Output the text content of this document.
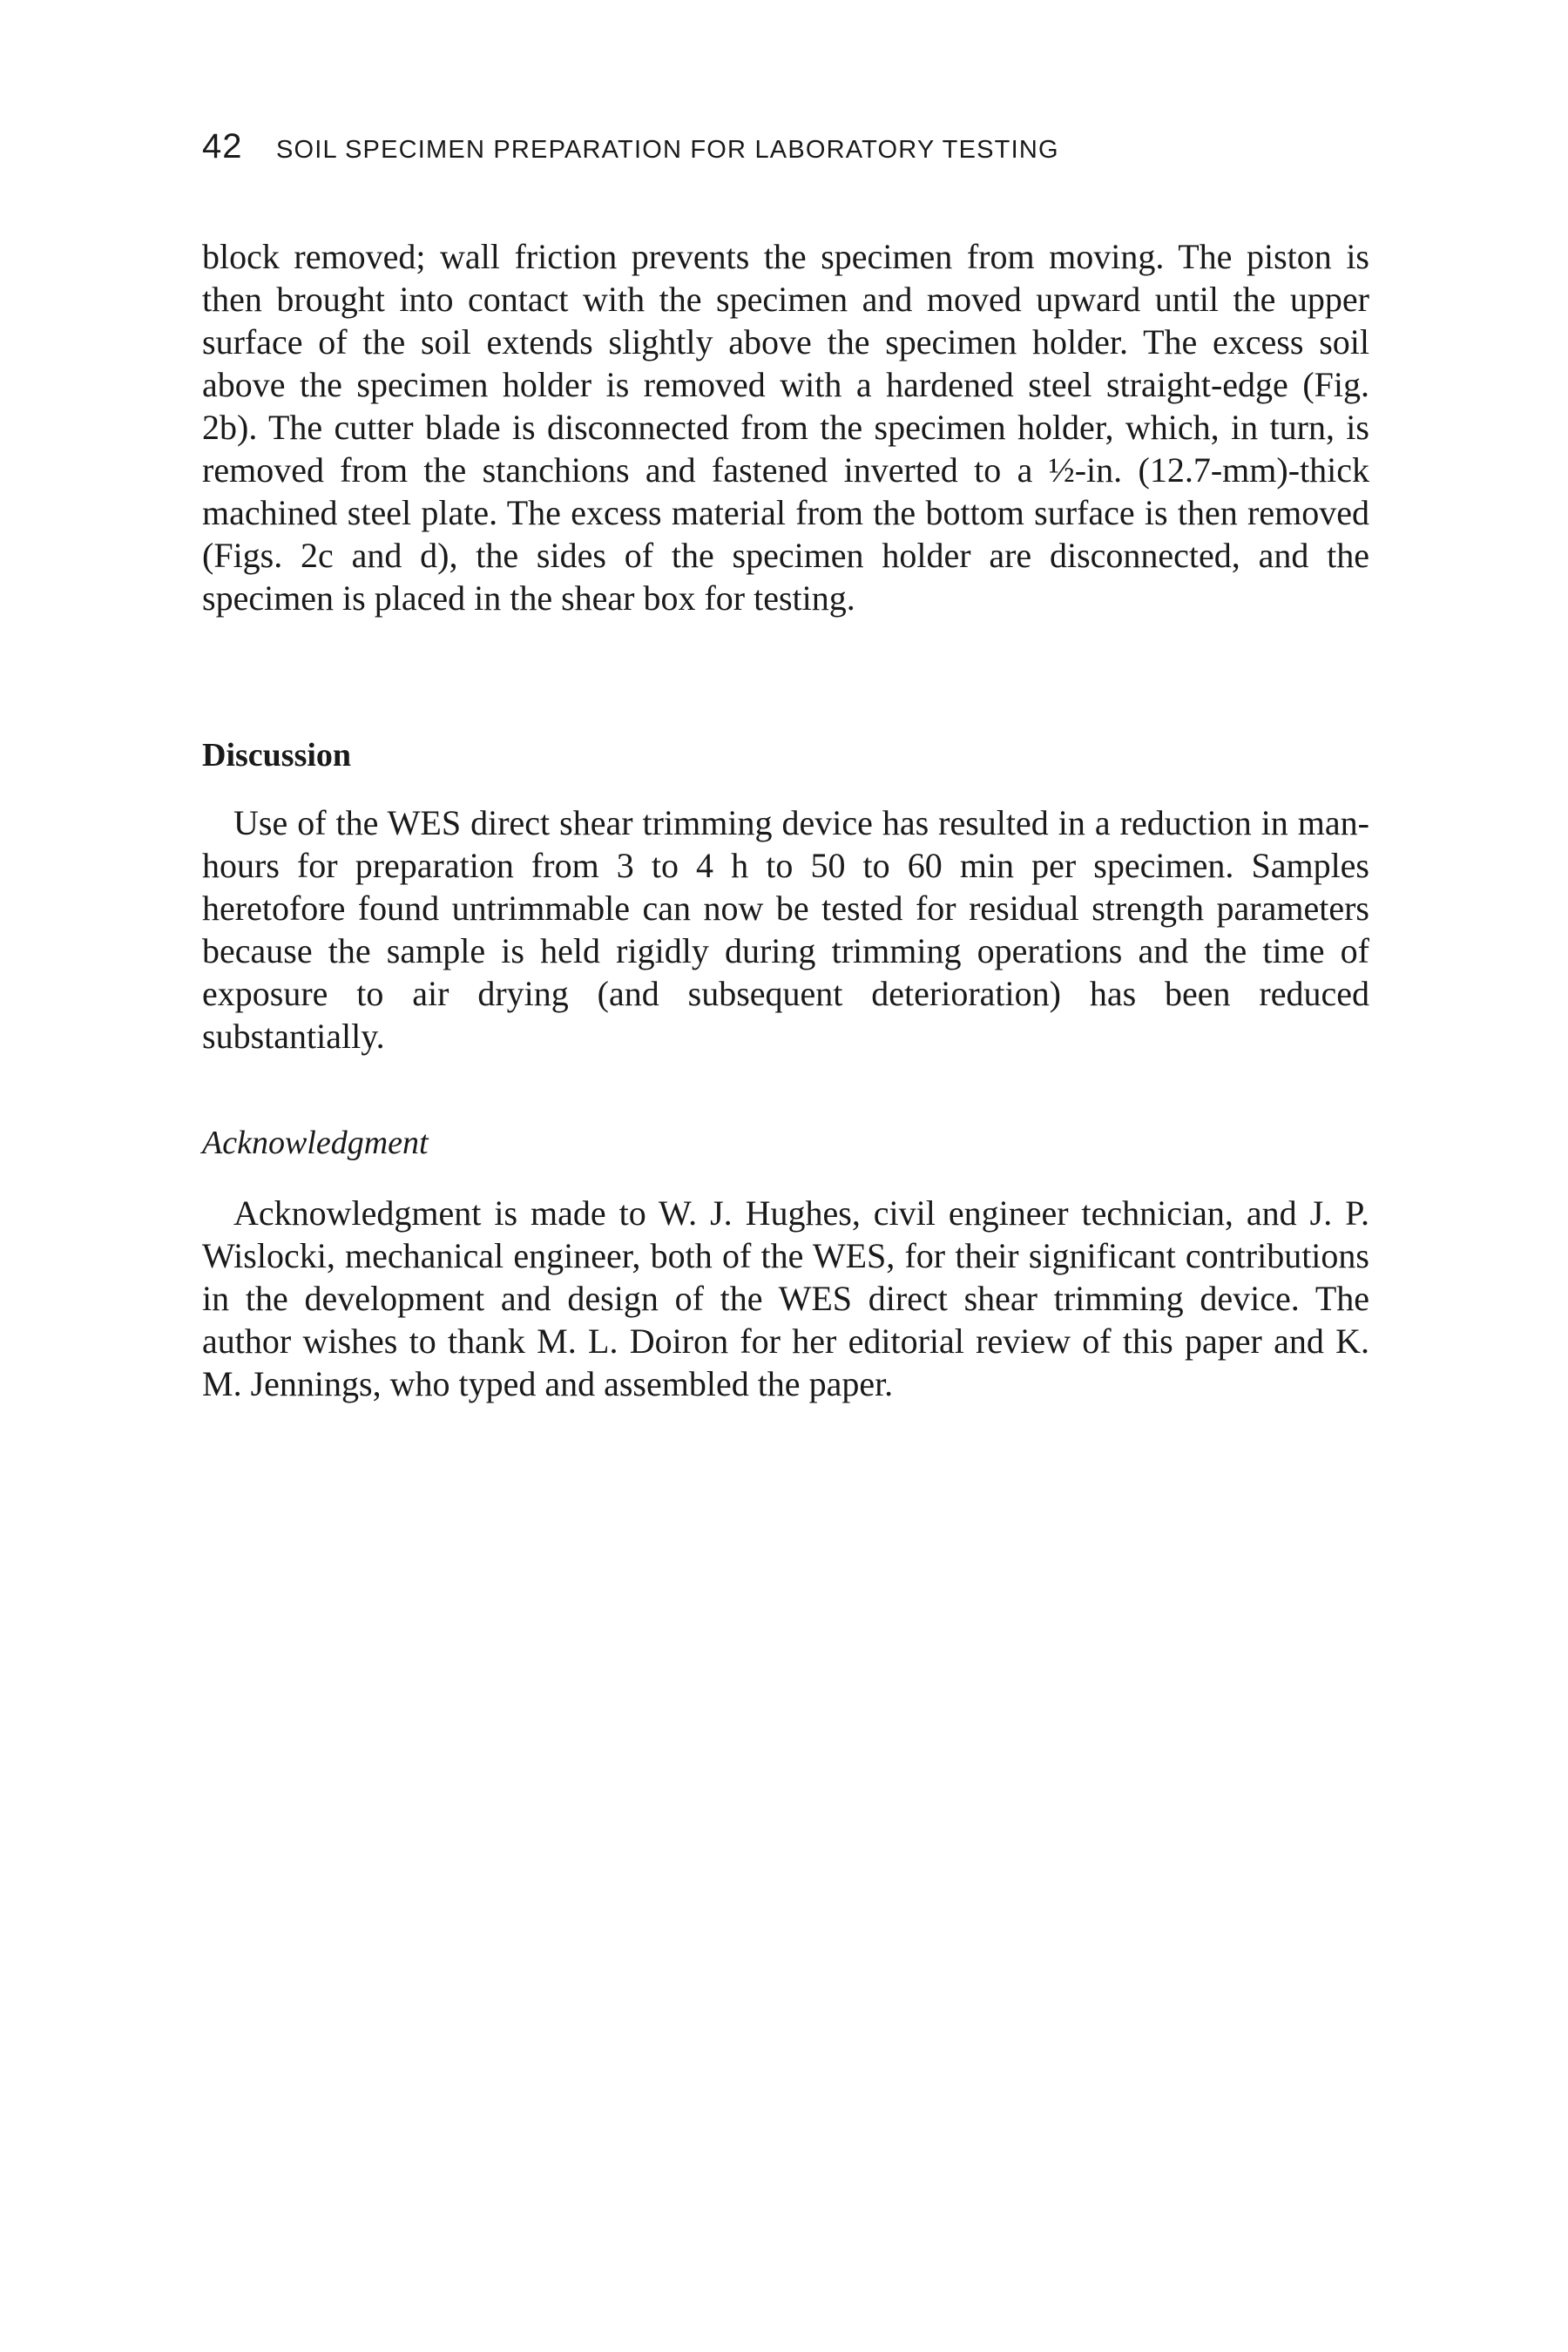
42 SOIL SPECIMEN PREPARATION FOR LABORATORY TESTING

block removed; wall friction prevents the specimen from moving. The piston is then brought into contact with the specimen and moved upward until the upper surface of the soil extends slightly above the specimen holder. The excess soil above the specimen holder is removed with a hardened steel straight-edge (Fig. 2b). The cutter blade is disconnected from the specimen holder, which, in turn, is removed from the stanchions and fastened inverted to a ½-in. (12.7-mm)-thick machined steel plate. The excess material from the bottom surface is then removed (Figs. 2c and d), the sides of the specimen holder are disconnected, and the specimen is placed in the shear box for testing.

Discussion

Use of the WES direct shear trimming device has resulted in a reduction in man-hours for preparation from 3 to 4 h to 50 to 60 min per specimen. Samples heretofore found untrimmable can now be tested for residual strength parameters because the sample is held rigidly during trimming operations and the time of exposure to air drying (and subsequent deterioration) has been reduced substantially.

Acknowledgment

Acknowledgment is made to W. J. Hughes, civil engineer technician, and J. P. Wislocki, mechanical engineer, both of the WES, for their significant contributions in the development and design of the WES direct shear trimming device. The author wishes to thank M. L. Doiron for her editorial review of this paper and K. M. Jennings, who typed and assembled the paper.
